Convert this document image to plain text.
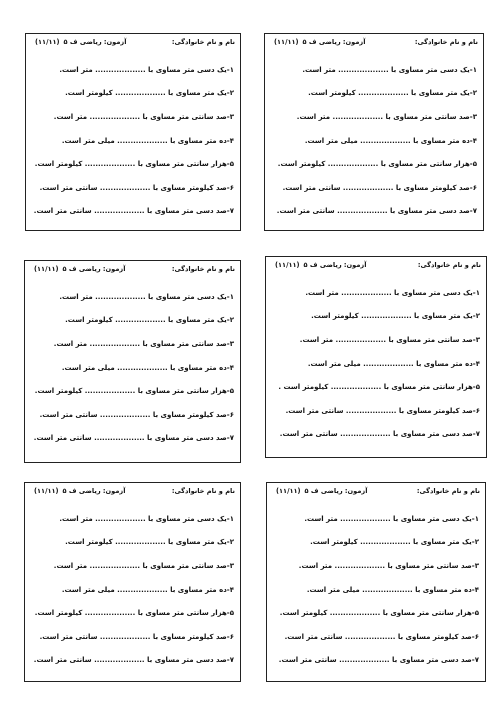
نام و نام خانوادگی:
آزمون: ریاضی ف ۵(۱۱/۱۱)
۱-یک دسی متر مساوی با ................... متر است.
۲-یک متر مساوی با ................... کیلومتر است.
۳-صد سانتی متر مساوی با ................... متر است.
۴-ده متر مساوی با ................... میلی متر است.
۵-هزار سانتی متر مساوی با ................... کیلومتر است.
۶-صد کیلومتر مساوی با ................... سانتی متر است.
۷-صد دسی متر مساوی با ................... سانتی متر است.
نام و نام خانوادگی:
آزمون: ریاضی ف ۵(۱۱/۱۱)
۱-یک دسی متر مساوی با ................... متر است.
۲-یک متر مساوی با ................... کیلومتر است.
۳-صد سانتی متر مساوی با ................... متر است.
۴-ده متر مساوی با ................... میلی متر است.
۵-هزار سانتی متر مساوی با ................... کیلومتر است.
۶-صد کیلومتر مساوی با ................... سانتی متر است.
۷-صد دسی متر مساوی با ................... سانتی متر است.
نام و نام خانوادگی:
آزمون: ریاضی ف ۵(۱۱/۱۱)
۱-یک دسی متر مساوی با ................... متر است.
۲-یک متر مساوی با ................... کیلومتر است.
۳-صد سانتی متر مساوی با ................... متر است.
۴-ده متر مساوی با ................... میلی متر است.
۵-هزار سانتی متر مساوی با ................... کیلومتر است .
۶-صد کیلومتر مساوی با ................... سانتی متر است.
۷-صد دسی متر مساوی با ................... سانتی متر است.
نام و نام خانوادگی:
آزمون: ریاضی ف ۵(۱۱/۱۱)
۱-یک دسی متر مساوی با ................... متر است.
۲-یک متر مساوی با ................... کیلومتر است.
۳-صد سانتی متر مساوی با ................... متر است.
۴-ده متر مساوی با ................... میلی متر است.
۵-هزار سانتی متر مساوی با ................... کیلومتر است.
۶-صد کیلومتر مساوی با ................... سانتی متر است.
۷-صد دسی متر مساوی با ................... سانتی متر است.
نام و نام خانوادگی:
آزمون: ریاضی ف ۵(۱۱/۱۱)
۱-یک دسی متر مساوی با ................... متر است.
۲-یک متر مساوی با ................... کیلومتر است.
۳-صد سانتی متر مساوی با ................... متر است.
۴-ده متر مساوی با ................... میلی متر است.
۵-هزار سانتی متر مساوی با ................... کیلومتر است.
۶-صد کیلومتر مساوی با ................... سانتی متر است.
۷-صد دسی متر مساوی با ................... سانتی متر است.
نام و نام خانوادگی:
آزمون: ریاضی ف ۵(۱۱/۱۱)
۱-یک دسی متر مساوی با ................... متر است.
۲-یک متر مساوی با ................... کیلومتر است.
۳-صد سانتی متر مساوی با ................... متر است.
۴-ده متر مساوی با ................... میلی متر است.
۵-هزار سانتی متر مساوی با ................... کیلومتر است.
۶-صد کیلومتر مساوی با ................... سانتی متر است.
۷-صد دسی متر مساوی با ................... سانتی متر است.
